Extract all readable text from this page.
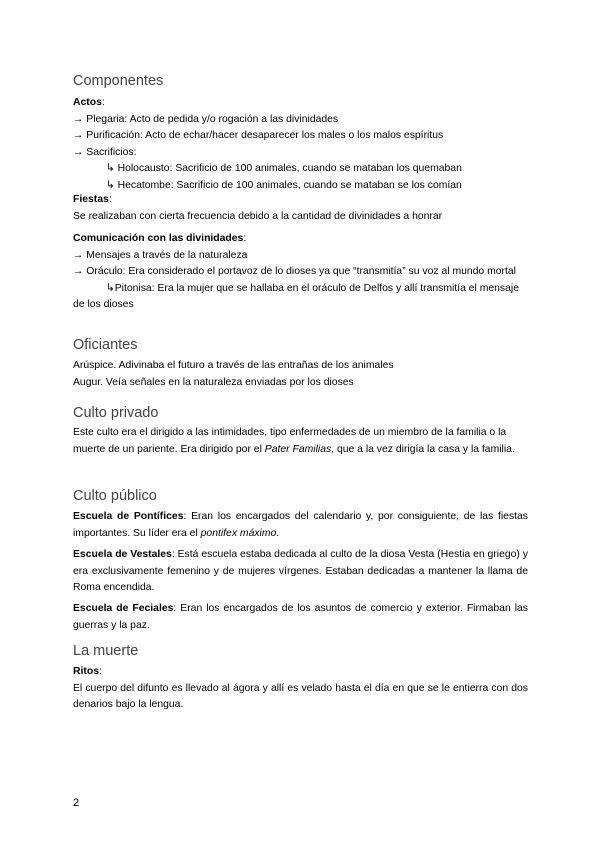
Componentes
Actos:
→ Plegaria: Acto de pedida y/o rogación a las divinidades
→ Purificación: Acto de echar/hacer desaparecer los males o los malos espíritus
→ Sacrificios:
↳ Holocausto: Sacrificio de 100 animales, cuando se mataban los quemaban
↳ Hecatombe: Sacrificio de 100 animales, cuando se mataban se los comían
Fiestas:
Se realizaban con cierta frecuencia debido a la cantidad de divinidades a honrar
Comunicación con las divinidades:
→ Mensajes a través de la naturaleza
→ Oráculo: Era considerado el portavoz de lo dioses ya que “transmitía” su voz al mundo mortal
↳Pitonisa: Era la mujer que se hallaba en el oráculo de Delfos y allí transmitía el mensaje de los dioses
Oficiantes
Arúspice. Adivinaba el futuro a través de las entrañas de los animales
Augur. Veía señales en la naturaleza enviadas por los dioses
Culto privado
Este culto era el dirigido a las intimidades, tipo enfermedades de un miembro de la familia o la muerte de un pariente. Era dirigido por el Pater Familias, que a la vez dirigía la casa y la familia.
Culto público
Escuela de Pontífices: Eran los encargados del calendario y, por consiguiente, de las fiestas importantes. Su líder era el pontifex máximo.
Escuela de Vestales: Está escuela estaba dedicada al culto de la diosa Vesta (Hestia en griego) y era exclusivamente femenino y de mujeres vírgenes. Estaban dedicadas a mantener la llama de Roma encendida.
Escuela de Feciales: Eran los encargados de los asuntos de comercio y exterior. Firmaban las guerras y la paz.
La muerte
Ritos:
El cuerpo del difunto es llevado al ágora y allí es velado hasta el día en que se le entierra con dos denarios bajo la lengua.
2
